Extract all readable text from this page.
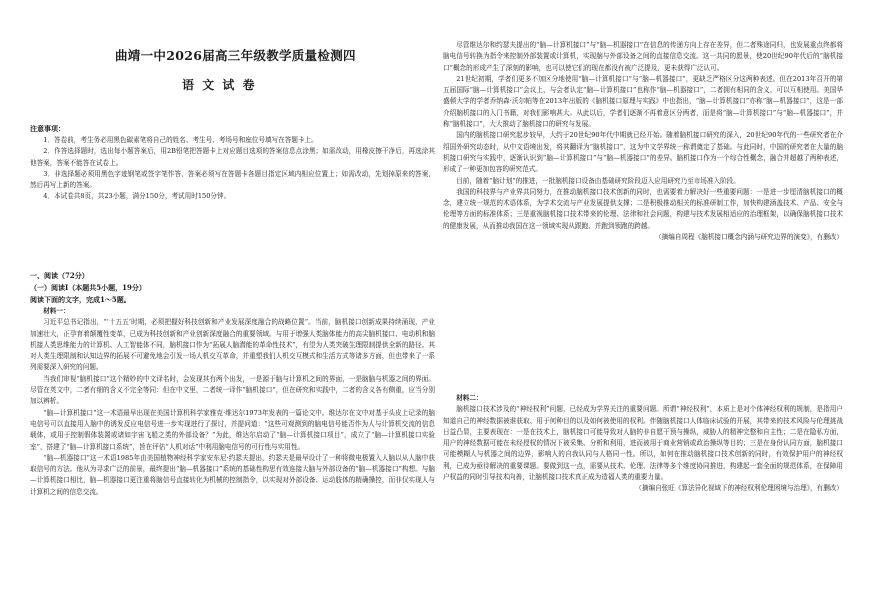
曲靖一中2026届高三年级教学质量检测四
语 文 试 卷

注意事项：

1．答卷前，考生务必用黑色碳素笔将自己的姓名、考生号、考场号和座位号填写在答题卡上。

2．作答选择题时，选出每小题答案后，用2B铅笔把答题卡上对应题目选项的答案信息点涂黑；如需改动，用橡皮擦干净后，再选涂其他答案，答案不能答在试卷上。

3．非选择题必须用黑色字迹钢笔或签字笔作答，答案必须写在答题卡各题目指定区域内相应位置上；如需改动，先划掉原来的答案，然后再写上新的答案。

4．本试卷共8页，共23小题，满分150分，考试用时150分钟。

一、阅读（72分）

（一）阅读Ⅰ（本题共5小题，19分）

阅读下面的文字，完成1～5题。

材料一：

习近平总书记指出，“‘十五五’时期，必须把握好科技创新和产业发展深度融合的战略位置”。当前，脑机接口创新成果持续涌现，产业加速壮大，正孕育着颠覆性变革，已成为科技创新和产业创新深度融合的重要领域。与用于增强人类脑体能力的高尖脑机接口、电动机和脑机接人类思维能力的计算机、人工智能体不同，脑机接口作为“拓展人脑潜能的革命性技术”，有望为人类突破生理限制提供全新的路径。其对人类生理限制和认知边界的拓展不可避免地会引发一场人机交互革命，并重塑我们人机交互模式和生活方式等诸多方面，但也带来了一系列需要深入研究的问题。

当我们审视“脑机接口”这个精妙的中文译名时，会发现其有两个出发，一是源于脑与计算机之间的界面，一是脑脑与机器之间的界面。尽管在英文中，二者有细的含义不完全等同：但在中文里，二者统一译作“脑机接口”，但在研究和实践中，二者的含义各有侧重，应当分别加以辨析。

“脑—计算机接口”这一术语最早出现在美国计算机科学家雅克·维达尔1973年发表的一篇论文中。维达尔在文中对基于头皮上记录的脑电信号可以直接用人脑中的诱发反应电信号进一步实现进行了探讨，并提问道：“这些可观测到的脑电信号能否作为人与计算机交流的信息载体，或用于控制假体装置或诸如宇宙飞船之类的外部设备？”为此，维达尔启动了“脑—计算机接口项目”，成立了“脑—计算机接口实验室”，搭建了“脑—计算机接口系统”，旨在评估“人机对话”中利用脑电信号的可行性与实用性。

“脑—机器接口”这一术语1985年由美国植物神经科学家安东尼·约瑟夫提出，约瑟夫是最早设计了一种将微电极置入人脑以从人脑中获取信号的方法。他从为寻求广泛的前景，最终提出“脑—机器接口”系统的基础性构思有效连接大脑与外部设备的“脑—机器接口”构想。与脑—计算机接口相比，脑—机器接口更注重将脑信号直接转化为机械的控制指令，以实现对外部设备、运动肢体的精确操控，而非仅实现人与计算机之间的信息交流。

尽管维达尔和约瑟夫提出的“脑—计算机接口”与“脑—机器接口”在信息的传递方向上存在差异，但二者殊途同归，也发展重点终都将脑电信号转换为指令来控制外部装置或计算机，实现脑与外部设备之间的直接信息交流。这一共同的愿景，使20世纪90年代后的“脑机接口”概念的形成产生了深刻的影响，也可以使它们的现在都没有被广泛提及，更未获得广泛认可。

21世纪初期，学者们更多不加区分地使用“脑—计算机接口”与“脑—机器接口”，更缺乏严格区分这两种表述。但在2013年召开的第五届国际“脑—计算机接口”会议上，与会者认定“脑—计算机接口”也称作“脑—机器接口”，二者拥有相同的含义，可以互相使用。美国华盛顿大学的学者乔纳森·沃尔帕等在2013年出版的《脑机接口原理与实践》中也指出，“脑—计算机接口”亦称“脑—机器接口”，这是一部介绍脑机接口的入门书籍，对我们影响甚大。从此以后，学者们逐渐不再着意区分两者，而是将“脑—计算机接口”与“脑—机器接口”，并称“脑机接口”，大大推动了脑机接口的研究与发展。

国内的脑机接口研究起步较早，大约于20世纪90年代中期就已经开始。随着脑机接口研究的深入，20世纪90年代的一些研究者在介绍国外研究动态时，从中文语境出发，将其翻译为“脑机接口”，这为中文学界统一称谓奠定了基础。与此同时，中国的研究者在大量的脑机接口研究与实践中，逐渐认识到“脑—计算机接口”与“脑—机器接口”的差异。脑机接口作为一个综合性概念，融合并超越了两种表述，形成了一种更加包容的研究范式。

目前，随着“脑计划”的推进，一批脑机接口设备由基础研究阶段迈入应用研究乃至市场准入阶段。

我国的科技界与产业界共同努力，在推动脑机接口技术创新的同时，也需要着力解决好一些重要问题：一是进一步厘清脑机接口的概念，建立统一规范的术语体系，为学术交流与产业发展提供支撑；二是积极推动相关的标准研制工作，加快构建涵盖技术、产品、安全与伦理等方面的标准体系；三是重视脑机接口技术带来的伦理、法律和社会问题，构建与技术发展相适应的治理框架，以确保脑机接口技术的健康发展，从而推动我国在这一领域实现从跟跑、并跑到领跑的跨越。

（摘编自周程《脑机接口概念内涵与研究边界的演变》，有删改）

材料二：

脑机接口技术涉及的“神经权利”问题，已经成为学界关注的重要问题。所谓“神经权利”，本质上是对个体神经权利的规制，是指用户知道自己的神经数据被谁获取、用于何种目的以及如何被使用的权利。伴随脑机接口人体临床试验的开展，其带来的技术风险与伦理挑战日益凸显，主要表现在：一是在技术上，脑机接口可能导致对人脑的非自愿干预与操纵，威胁人的精神完整和自主性；二是在隐私方面，用户的神经数据可能在未经授权的情况下被采集、分析和利用，进而被用于商业营销或政治操纵等目的；三是在身份认同方面，脑机接口可能模糊人与机器之间的边界，影响人的自我认同与人格同一性。所以，如何在推动脑机接口技术创新的同时，有效保护用户的神经权利，已成为亟待解决的重要课题。要做到这一点，需要从技术、伦理、法律等多个维度协同推进，构建起一套全面的规范体系，在保障用户权益的同时引导技术向善，让脑机接口技术真正成为造福人类的重要力量。

（摘编自张旺《算法异化视域下的神经权利伦理困境与治理》，有删改）
